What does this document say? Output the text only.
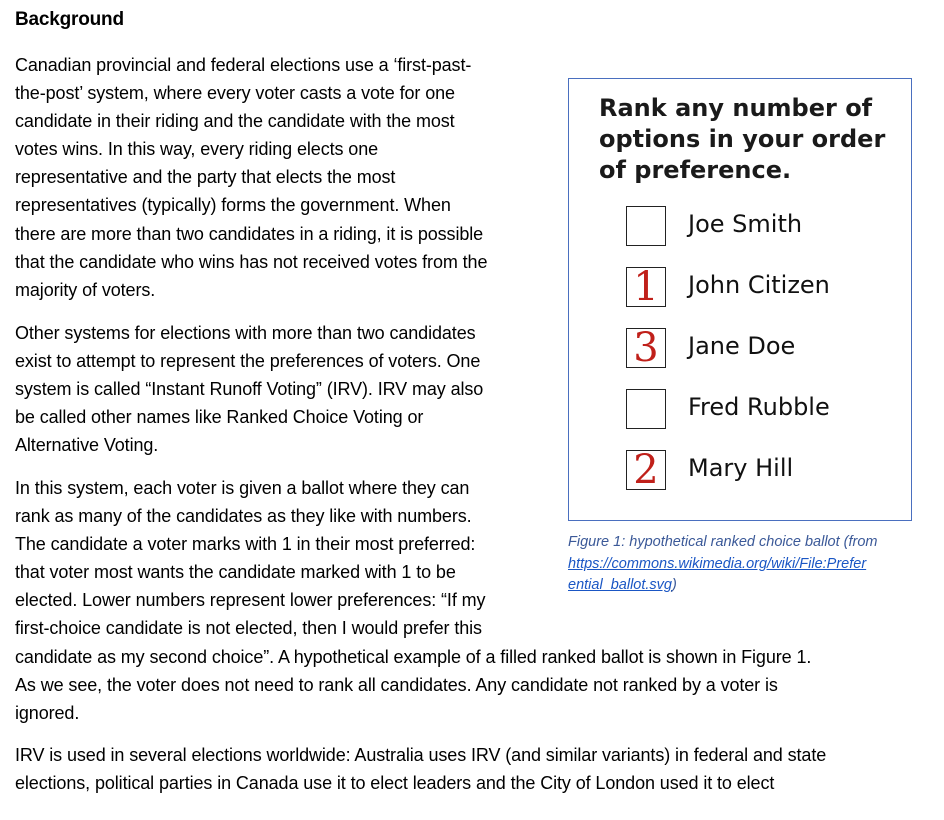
Background
Canadian provincial and federal elections use a ‘first-past-
the-post’ system, where every voter casts a vote for one
candidate in their riding and the candidate with the most
votes wins. In this way, every riding elects one
representative and the party that elects the most
representatives (typically) forms the government. When
there are more than two candidates in a riding, it is possible
that the candidate who wins has not received votes from the
majority of voters.
Other systems for elections with more than two candidates
exist to attempt to represent the preferences of voters. One
system is called “Instant Runoff Voting” (IRV). IRV may also
be called other names like Ranked Choice Voting or
Alternative Voting.
In this system, each voter is given a ballot where they can
rank as many of the candidates as they like with numbers.
The candidate a voter marks with 1 in their most preferred:
that voter most wants the candidate marked with 1 to be
elected. Lower numbers represent lower preferences: “If my
first-choice candidate is not elected, then I would prefer this
candidate as my second choice”. A hypothetical example of a filled ranked ballot is shown in Figure 1.
As we see, the voter does not need to rank all candidates. Any candidate not ranked by a voter is
ignored.
IRV is used in several elections worldwide: Australia uses IRV (and similar variants) in federal and state
elections, political parties in Canada use it to elect leaders and the City of London used it to elect
Rank any number of
options in your order
of preference.
Joe Smith
1	John Citizen
3	Jane Doe
Fred Rubble
2	Mary Hill
Figure 1: hypothetical ranked choice ballot (from
https://commons.wikimedia.org/wiki/File:Prefer
ential_ballot.svg)
